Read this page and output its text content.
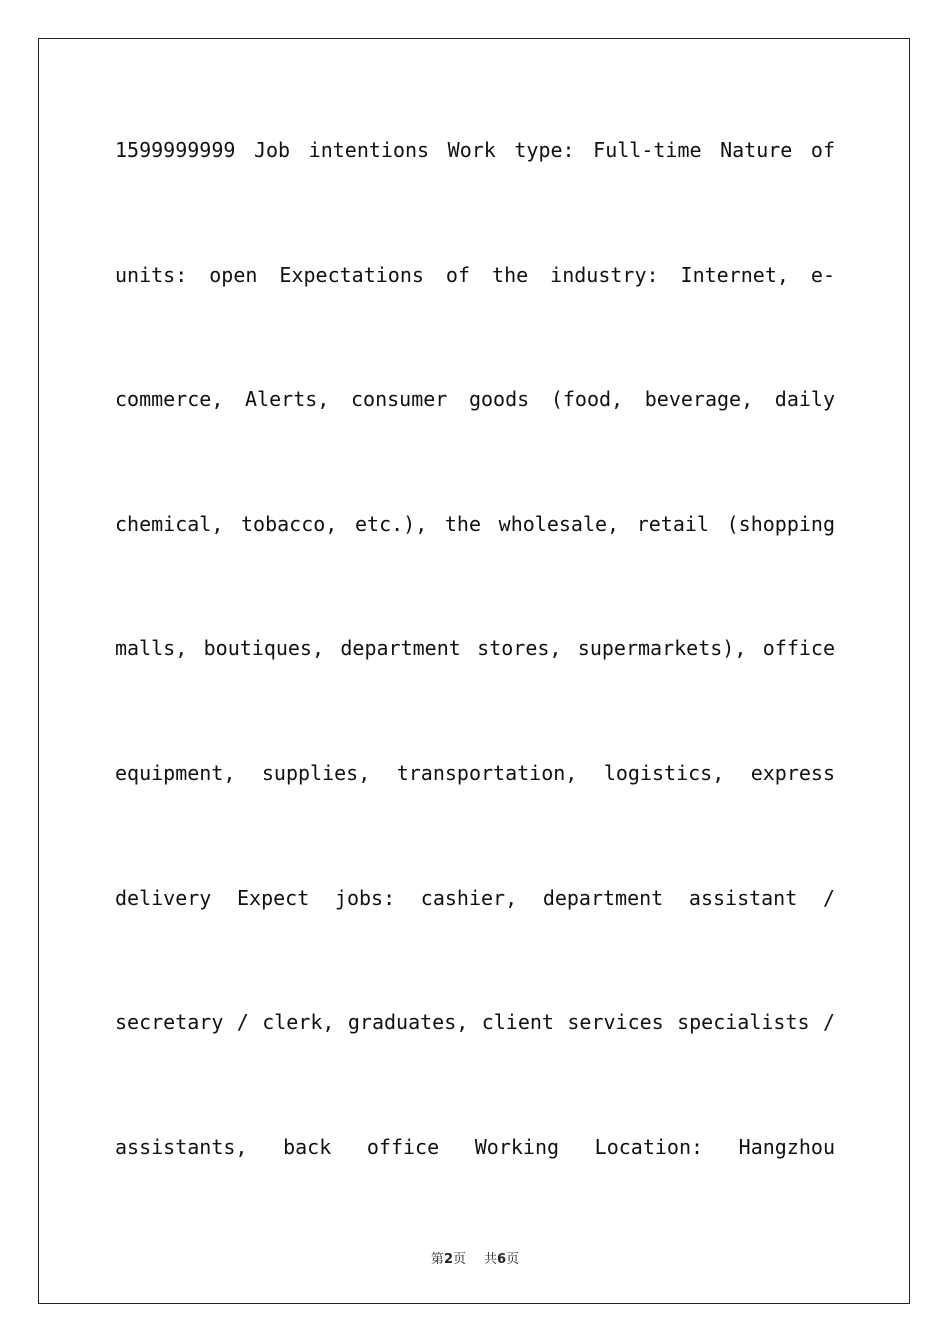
1599999999 Job intentions Work type: Full-time Nature of
units: open Expectations of the industry: Internet, e-
commerce, Alerts, consumer goods (food, beverage, daily
chemical, tobacco, etc.), the wholesale, retail (shopping
malls, boutiques, department stores, supermarkets), office
equipment, supplies, transportation, logistics, express
delivery Expect jobs: cashier, department assistant /
secretary / clerk, graduates, client services specialists /
assistants, back office Working Location: Hangzhou
第2页 共6页
